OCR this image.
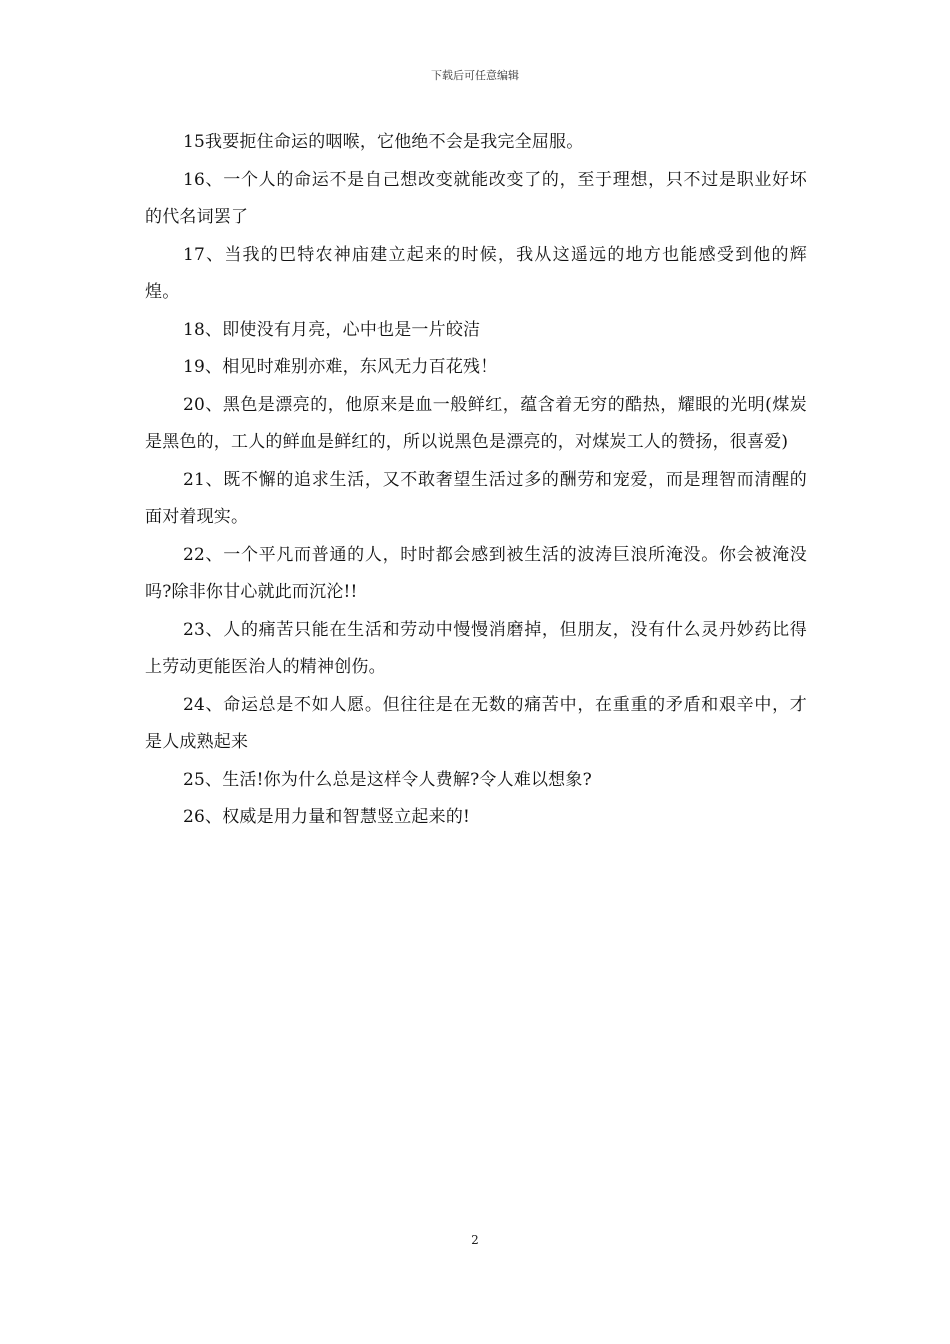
下载后可任意编辑

15我要扼住命运的咽喉，它他绝不会是我完全屈服。

16、一个人的命运不是自己想改变就能改变了的，至于理想，只不过是职业好坏的代名词罢了

17、当我的巴特农神庙建立起来的时候，我从这遥远的地方也能感受到他的辉煌。

18、即使没有月亮，心中也是一片皎洁

19、相见时难别亦难，东风无力百花残！

20、黑色是漂亮的，他原来是血一般鲜红，蕴含着无穷的酷热，耀眼的光明(煤炭是黑色的，工人的鲜血是鲜红的，所以说黑色是漂亮的，对煤炭工人的赞扬，很喜爱)

21、既不懈的追求生活，又不敢奢望生活过多的酬劳和宠爱，而是理智而清醒的面对着现实。

22、一个平凡而普通的人，时时都会感到被生活的波涛巨浪所淹没。你会被淹没吗?除非你甘心就此而沉沦!!

23、人的痛苦只能在生活和劳动中慢慢消磨掉，但朋友，没有什么灵丹妙药比得上劳动更能医治人的精神创伤。

24、命运总是不如人愿。但往往是在无数的痛苦中，在重重的矛盾和艰辛中，才是人成熟起来

25、生活!你为什么总是这样令人费解?令人难以想象?

26、权威是用力量和智慧竖立起来的!

2
